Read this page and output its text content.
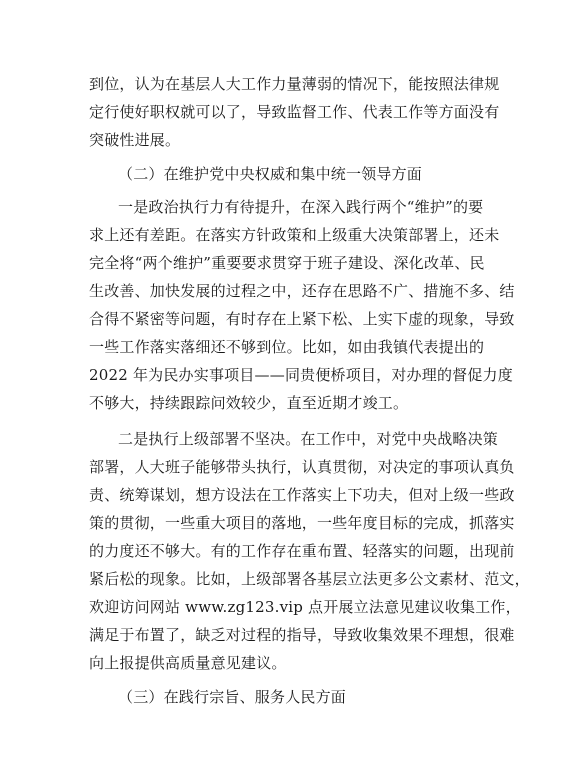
到位，认为在基层人大工作力量薄弱的情况下，能按照法律规
定行使好职权就可以了，导致监督工作、代表工作等方面没有
突破性进展。
（二）在维护党中央权威和集中统一领导方面
一是政治执行力有待提升，在深入践行两个“维护”的要
求上还有差距。在落实方针政策和上级重大决策部署上，还未
完全将“两个维护”重要要求贯穿于班子建设、深化改革、民
生改善、加快发展的过程之中，还存在思路不广、措施不多、结
合得不紧密等问题，有时存在上紧下松、上实下虚的现象，导致
一些工作落实落细还不够到位。比如，如由我镇代表提出的
2022 年为民办实事项目——同贵便桥项目，对办理的督促力度
不够大，持续跟踪问效较少，直至近期才竣工。
二是执行上级部署不坚决。在工作中，对党中央战略决策
部署，人大班子能够带头执行，认真贯彻，对决定的事项认真负
责、统筹谋划，想方设法在工作落实上下功夫，但对上级一些政
策的贯彻，一些重大项目的落地，一些年度目标的完成，抓落实
的力度还不够大。有的工作存在重布置、轻落实的问题，出现前
紧后松的现象。比如，上级部署各基层立法更多公文素材、范文，
欢迎访问网站 www.zg123.vip 点开展立法意见建议收集工作，
满足于布置了，缺乏对过程的指导，导致收集效果不理想，很难
向上报提供高质量意见建议。
（三）在践行宗旨、服务人民方面
